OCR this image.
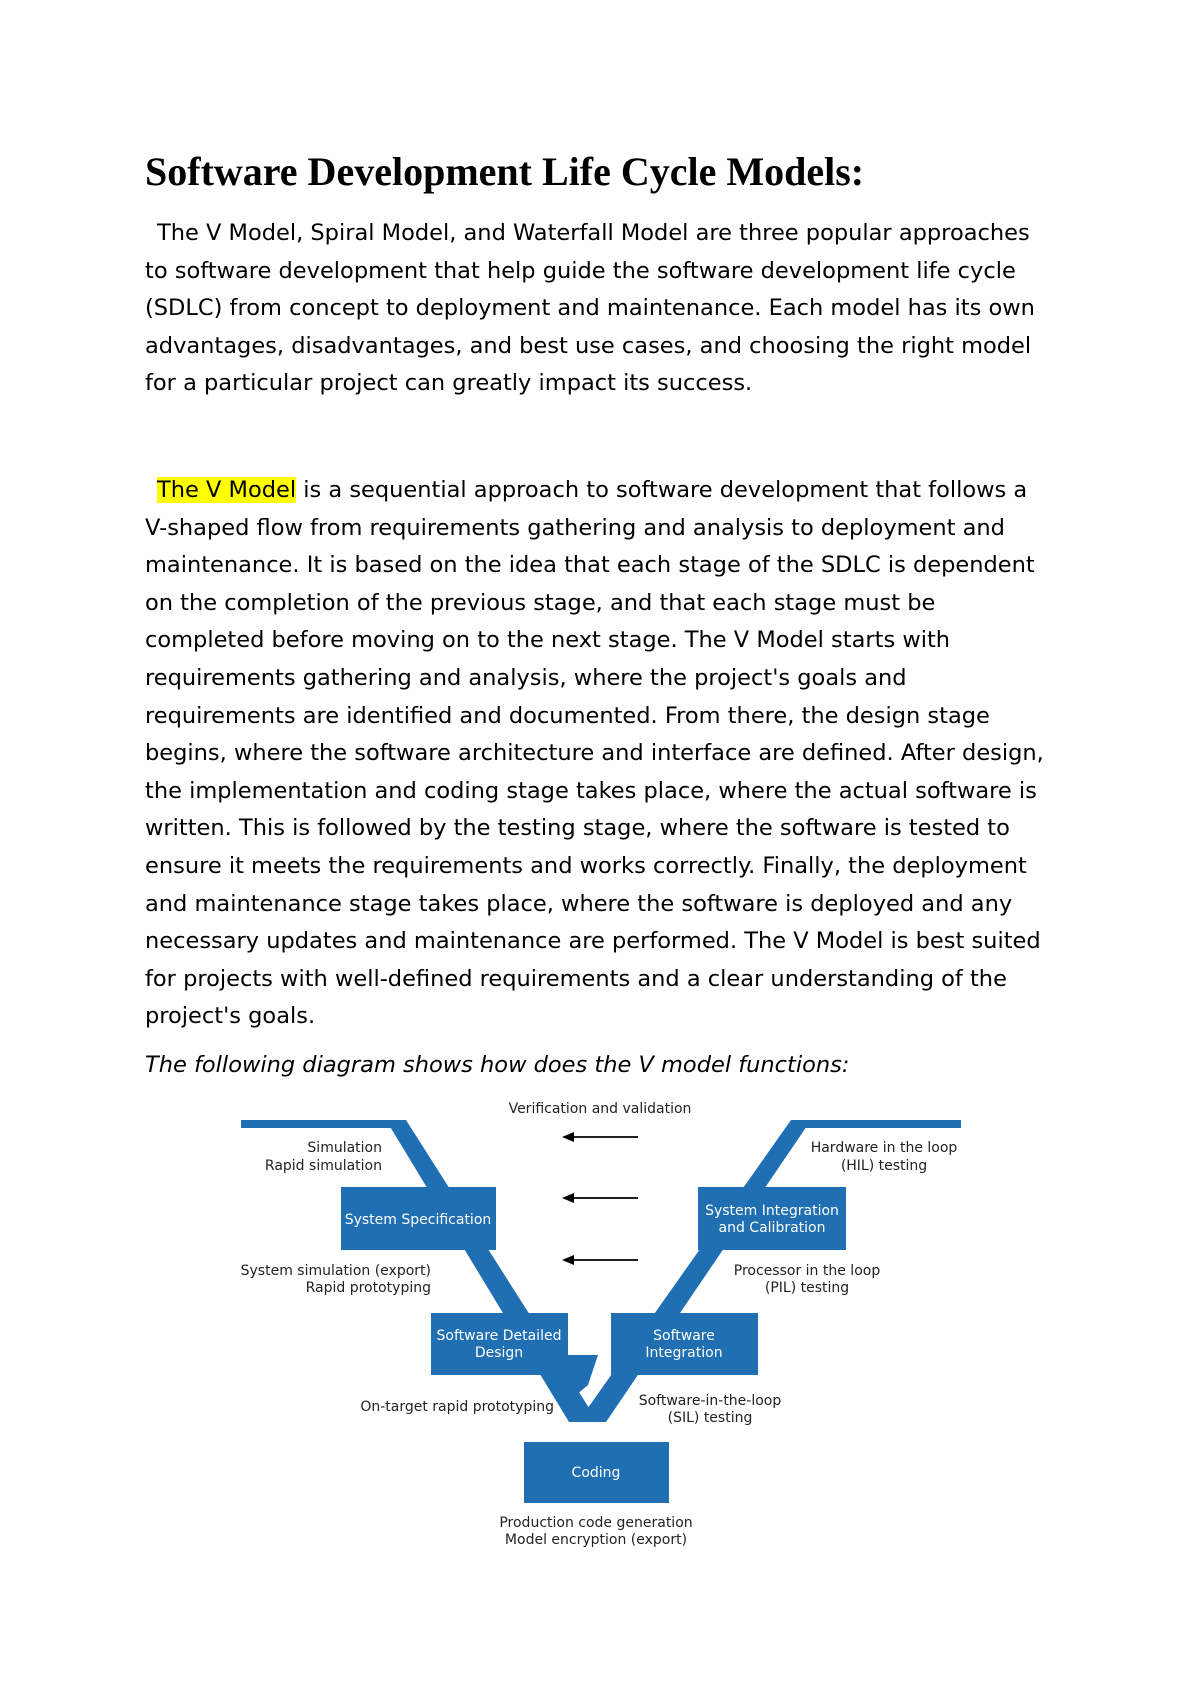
Software Development Life Cycle Models:

The V Model, Spiral Model, and Waterfall Model are three popular approaches
to software development that help guide the software development life cycle
(SDLC) from concept to deployment and maintenance. Each model has its own
advantages, disadvantages, and best use cases, and choosing the right model
for a particular project can greatly impact its success.

The V Model is a sequential approach to software development that follows a
V-shaped flow from requirements gathering and analysis to deployment and
maintenance. It is based on the idea that each stage of the SDLC is dependent
on the completion of the previous stage, and that each stage must be
completed before moving on to the next stage. The V Model starts with
requirements gathering and analysis, where the project's goals and
requirements are identified and documented. From there, the design stage
begins, where the software architecture and interface are defined. After design,
the implementation and coding stage takes place, where the actual software is
written. This is followed by the testing stage, where the software is tested to
ensure it meets the requirements and works correctly. Finally, the deployment
and maintenance stage takes place, where the software is deployed and any
necessary updates and maintenance are performed. The V Model is best suited
for projects with well-defined requirements and a clear understanding of the
project's goals.

The following diagram shows how does the V model functions:

System Specification
Software Detailed
Design
Coding
Software
Integration
System Integration
and Calibration
Verification and validation
Simulation
Rapid simulation
System simulation (export)
Rapid prototyping
On-target rapid prototyping
Hardware in the loop
(HIL) testing
Processor in the loop
(PIL) testing
Software-in-the-loop
(SIL) testing
Production code generation
Model encryption (export)
